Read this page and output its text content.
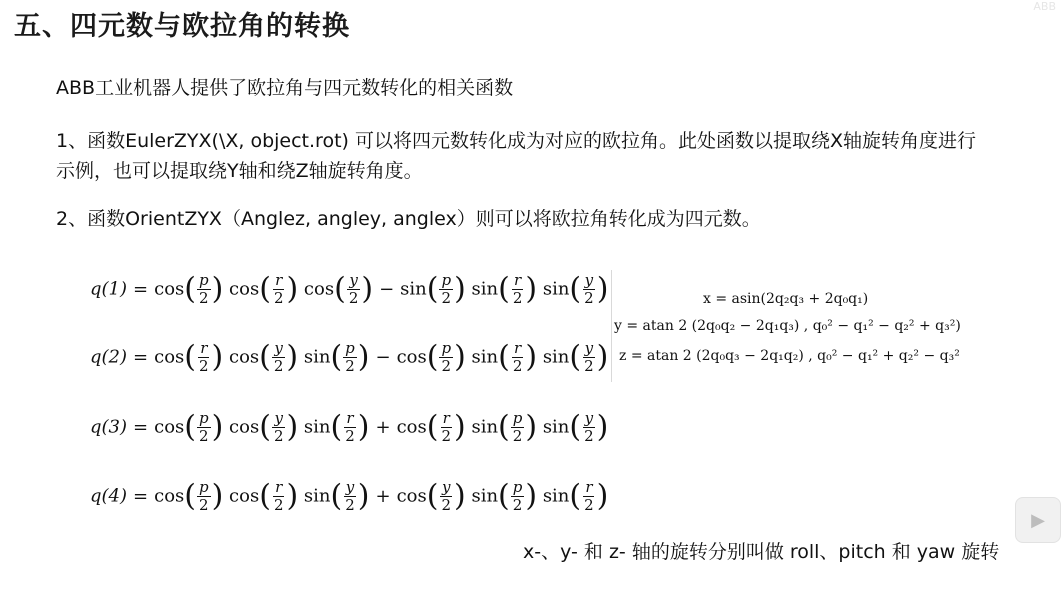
五、四元数与欧拉角的转换
ABB
ABB工业机器人提供了欧拉角与四元数转化的相关函数
1、函数EulerZYX(\X, object.rot) 可以将四元数转化成为对应的欧拉角。此处函数以提取绕X轴旋转角度进行示例，也可以提取绕Y轴和绕Z轴旋转角度。
2、函数OrientZYX（Anglez, angley, anglex）则可以将欧拉角转化成为四元数。
$q(1) = \cos( \frac{p}{2}$ ) $\cos( \frac{r}{2}$ ) $\cos( \frac{y}{2}$ ) − $\sin( \frac{p}{2}$ ) $\sin( \frac{r}{2}$ ) $\sin( \frac{y}{2}$ )
$q(2) = \cos( \frac{r}{2}$ ) $\cos( \frac{y}{2}$ ) $\sin( \frac{p}{2}$ ) − $\cos( \frac{p}{2}$ ) $\sin( \frac{r}{2}$ ) $\sin( \frac{y}{2}$ )
$q(3) = \cos( \frac{p}{2}$ ) $\cos( \frac{y}{2}$ ) $\sin( \frac{r}{2}$ ) + $\cos( \frac{r}{2}$ ) $\sin( \frac{p}{2}$ ) $\sin( \frac{y}{2}$ )
$q(4) = \cos( \frac{p}{2}$ ) $\cos( \frac{r}{2}$ ) $\sin( \frac{y}{2}$ ) + $\cos( \frac{y}{2}$ ) $\sin( \frac{p}{2}$ ) $\sin( \frac{r}{2}$ )
x = asin(2q₂q₃ + 2q₀q₁)
y = atan 2 (2q₀q₂ − 2q₁q₃) , q₀² − q₁² − q₂² + q₃²)
z = atan 2 (2q₀q₃ − 2q₁q₂) , q₀² − q₁² + q₂² − q₃²
x-、y- 和 z- 轴的旋转分别叫做 roll、pitch 和 yaw 旋转
▶
